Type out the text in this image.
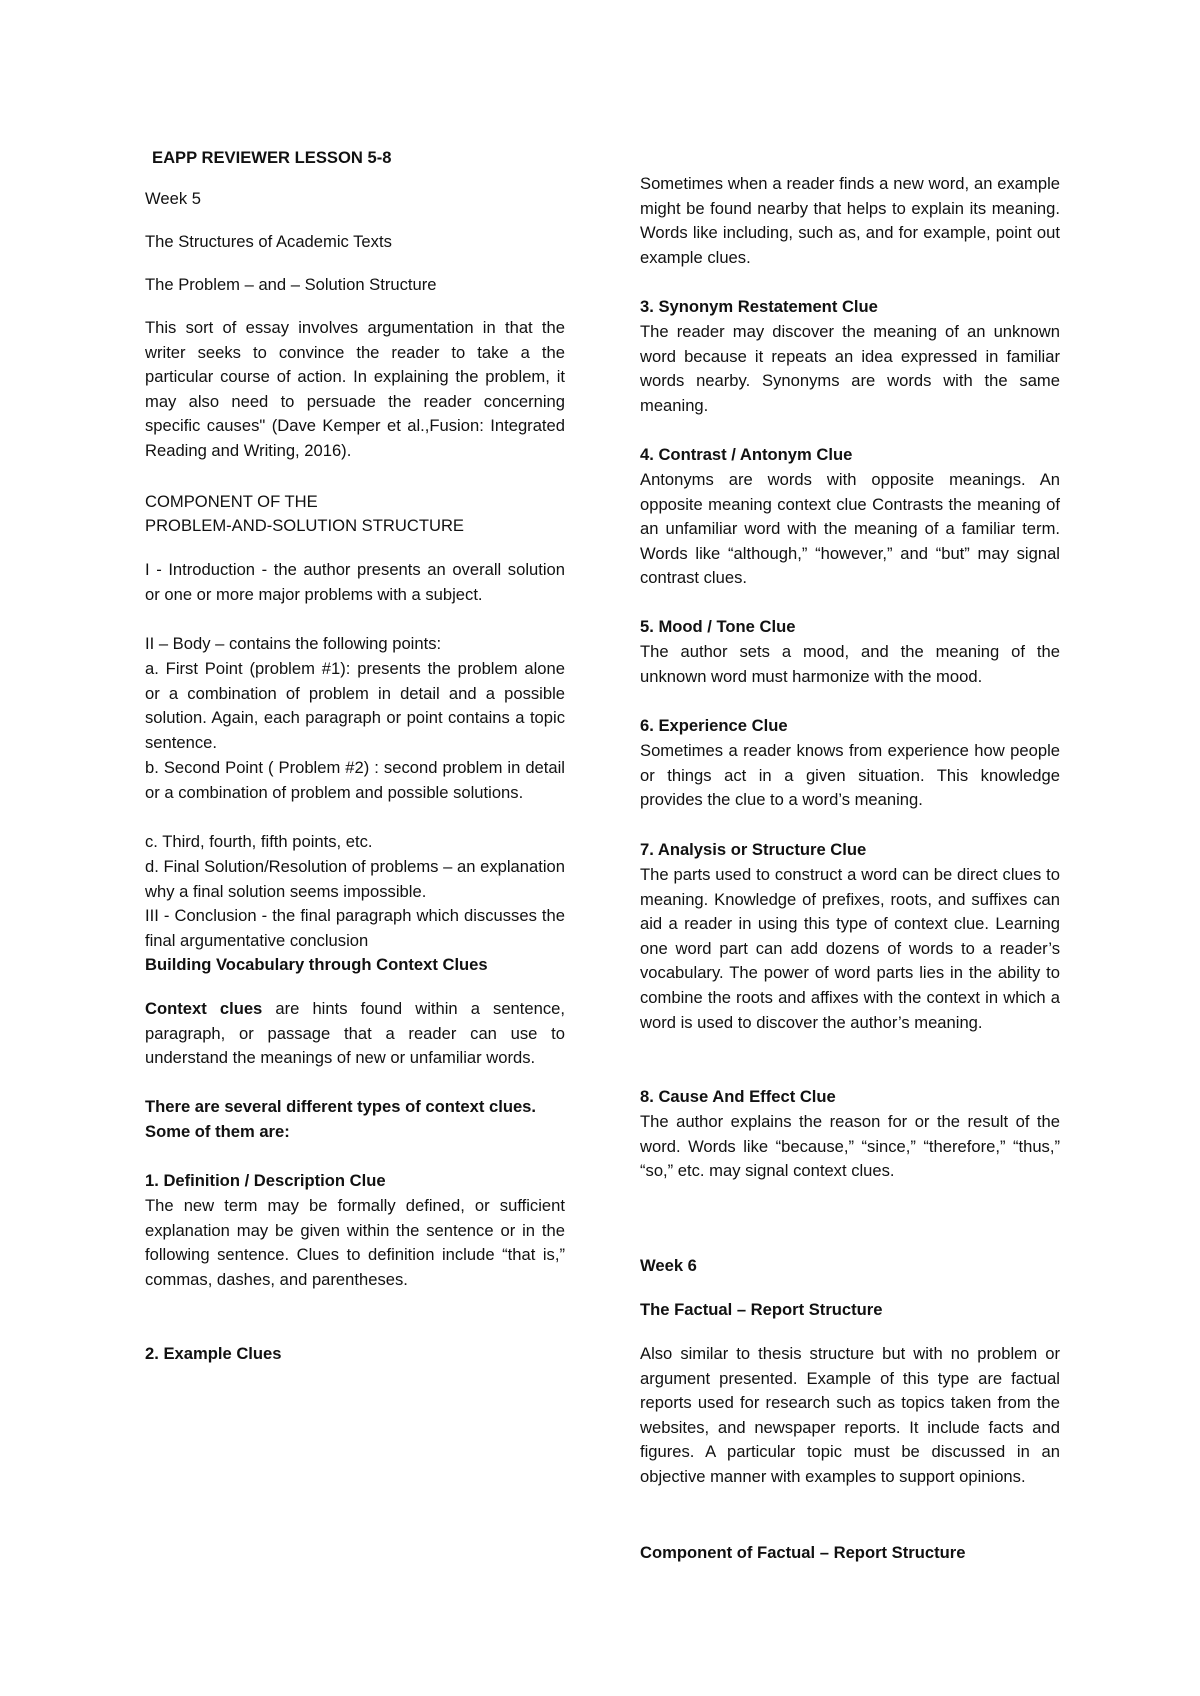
EAPP REVIEWER LESSON 5-8
Week 5
The Structures of Academic Texts
The Problem – and – Solution Structure
This sort of essay involves argumentation in that the writer seeks to convince the reader to take a the particular course of action. In explaining the problem, it may also need to persuade the reader concerning specific causes" (Dave Kemper et al.,Fusion: Integrated Reading and Writing, 2016).
COMPONENT OF THE
PROBLEM-AND-SOLUTION STRUCTURE
I - Introduction - the author presents an overall solution or one or more major problems with a subject.
II – Body – contains the following points:
a. First Point (problem #1): presents the problem alone or a combination of problem in detail and a possible solution. Again, each paragraph or point contains a topic sentence.
b. Second Point ( Problem #2) : second problem in detail or a combination of problem and possible solutions.
c. Third, fourth, fifth points, etc.
d. Final Solution/Resolution of problems – an explanation why a final solution seems impossible.
III - Conclusion - the final paragraph which discusses the final argumentative conclusion
Building Vocabulary through Context Clues
Context clues are hints found within a sentence, paragraph, or passage that a reader can use to understand the meanings of new or unfamiliar words.
There are several different types of context clues. Some of them are:
1. Definition / Description Clue
The new term may be formally defined, or sufficient explanation may be given within the sentence or in the following sentence. Clues to definition include “that is,” commas, dashes, and parentheses.
2. Example Clues
Sometimes when a reader finds a new word, an example might be found nearby that helps to explain its meaning. Words like including, such as, and for example, point out example clues.
3. Synonym Restatement Clue
The reader may discover the meaning of an unknown word because it repeats an idea expressed in familiar words nearby. Synonyms are words with the same meaning.
4. Contrast / Antonym Clue
Antonyms are words with opposite meanings. An opposite meaning context clue Contrasts the meaning of an unfamiliar word with the meaning of a familiar term. Words like “although,” “however,” and “but” may signal contrast clues.
5. Mood / Tone Clue
The author sets a mood, and the meaning of the unknown word must harmonize with the mood.
6. Experience Clue
Sometimes a reader knows from experience how people or things act in a given situation. This knowledge provides the clue to a word’s meaning.
7. Analysis or Structure Clue
The parts used to construct a word can be direct clues to meaning. Knowledge of prefixes, roots, and suffixes can aid a reader in using this type of context clue. Learning one word part can add dozens of words to a reader’s vocabulary. The power of word parts lies in the ability to combine the roots and affixes with the context in which a word is used to discover the author’s meaning.
8. Cause And Effect Clue
The author explains the reason for or the result of the word. Words like “because,” “since,” “therefore,” “thus,” “so,” etc. may signal context clues.
Week 6
The Factual – Report Structure
Also similar to thesis structure but with no problem or argument presented. Example of this type are factual reports used for research such as topics taken from the websites, and newspaper reports. It include facts and figures. A particular topic must be discussed in an objective manner with examples to support opinions.
Component of Factual – Report Structure
